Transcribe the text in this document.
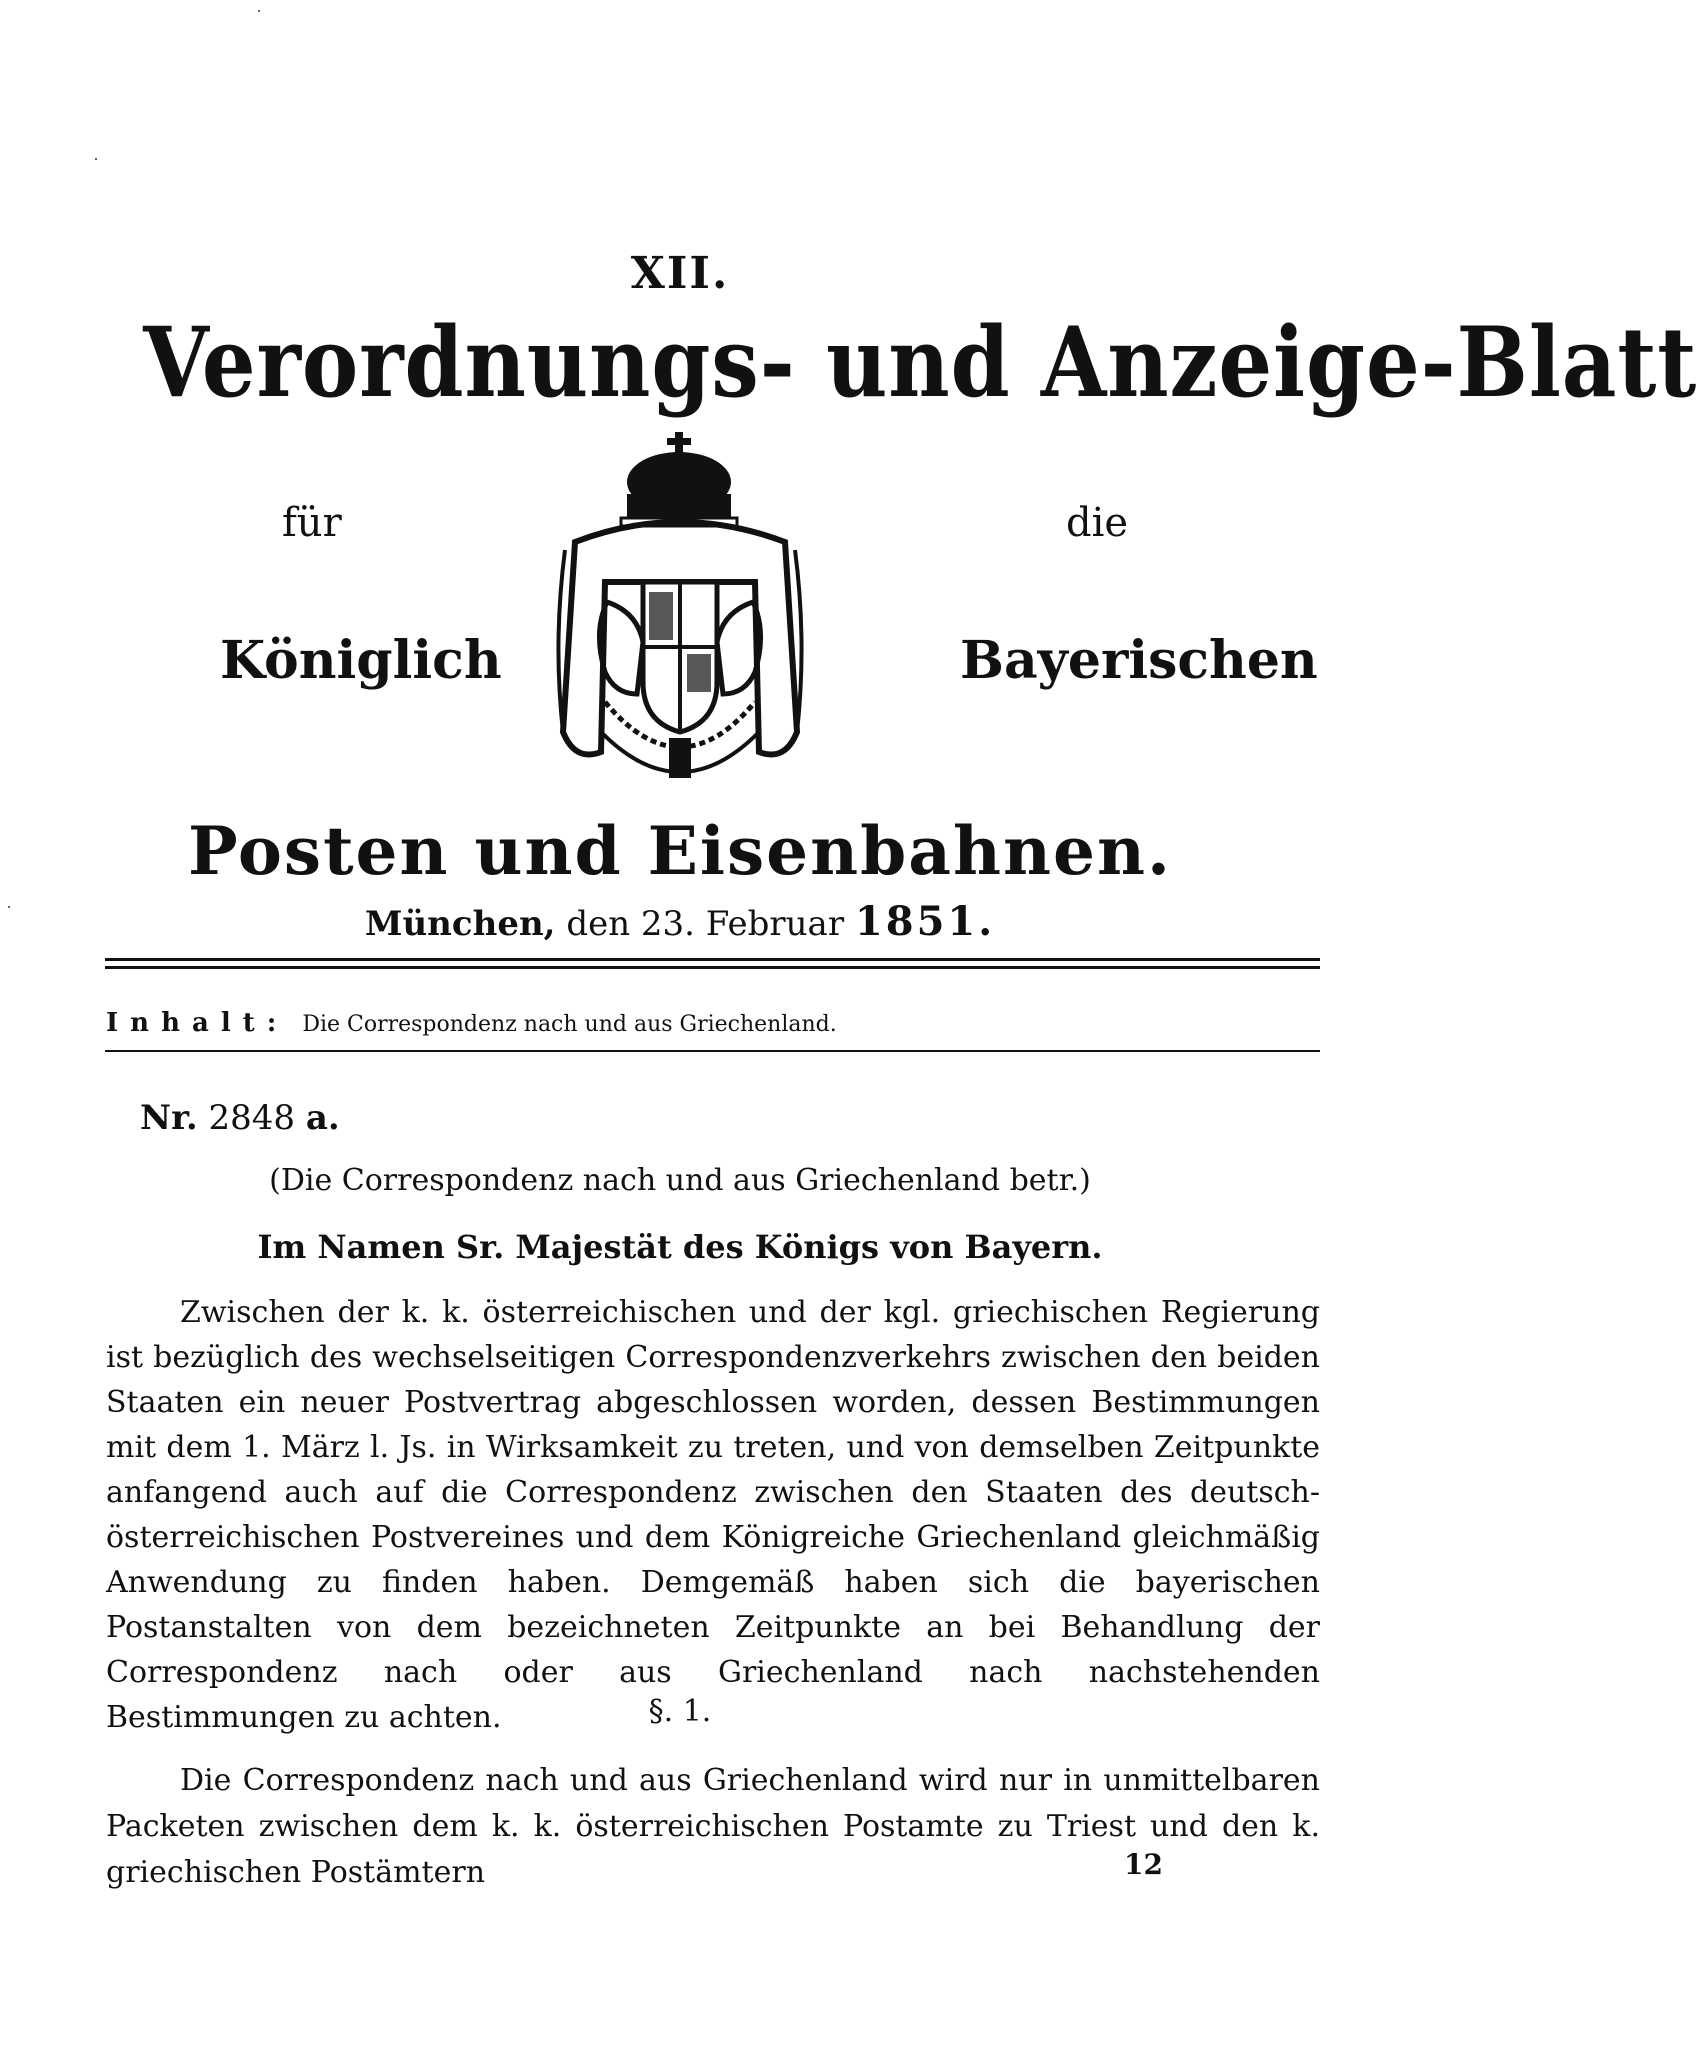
XII.
Verordnungs- und Anzeige-Blatt
für	die
Königlich	Bayerischen
Posten und Eisenbahnen.
München, den 23. Februar 1851.
Inhalt: Die Correspondenz nach und aus Griechenland.
Nr. 2848 a.
(Die Correspondenz nach und aus Griechenland betr.)
Im Namen Sr. Majestät des Königs von Bayern.
Zwischen der k. k. österreichischen und der kgl. griechischen Regierung ist bezüglich des wechselseitigen Correspondenzverkehrs zwischen den beiden Staaten ein neuer Postvertrag abgeschlossen worden, dessen Bestimmungen mit dem 1. März l. Js. in Wirksamkeit zu treten, und von demselben Zeitpunkte anfangend auch auf die Correspondenz zwischen den Staaten des deutsch-österreichischen Postvereines und dem Königreiche Griechenland gleichmäßig Anwendung zu finden haben. Demgemäß haben sich die bayerischen Postanstalten von dem bezeichneten Zeitpunkte an bei Behandlung der Correspondenz nach oder aus Griechenland nach nachstehenden Bestimmungen zu achten.	§. 1.
Die Correspondenz nach und aus Griechenland wird nur in unmittelbaren Packeten zwischen dem k. k. österreichischen Postamte zu Triest und den k. griechischen Postämtern	12
